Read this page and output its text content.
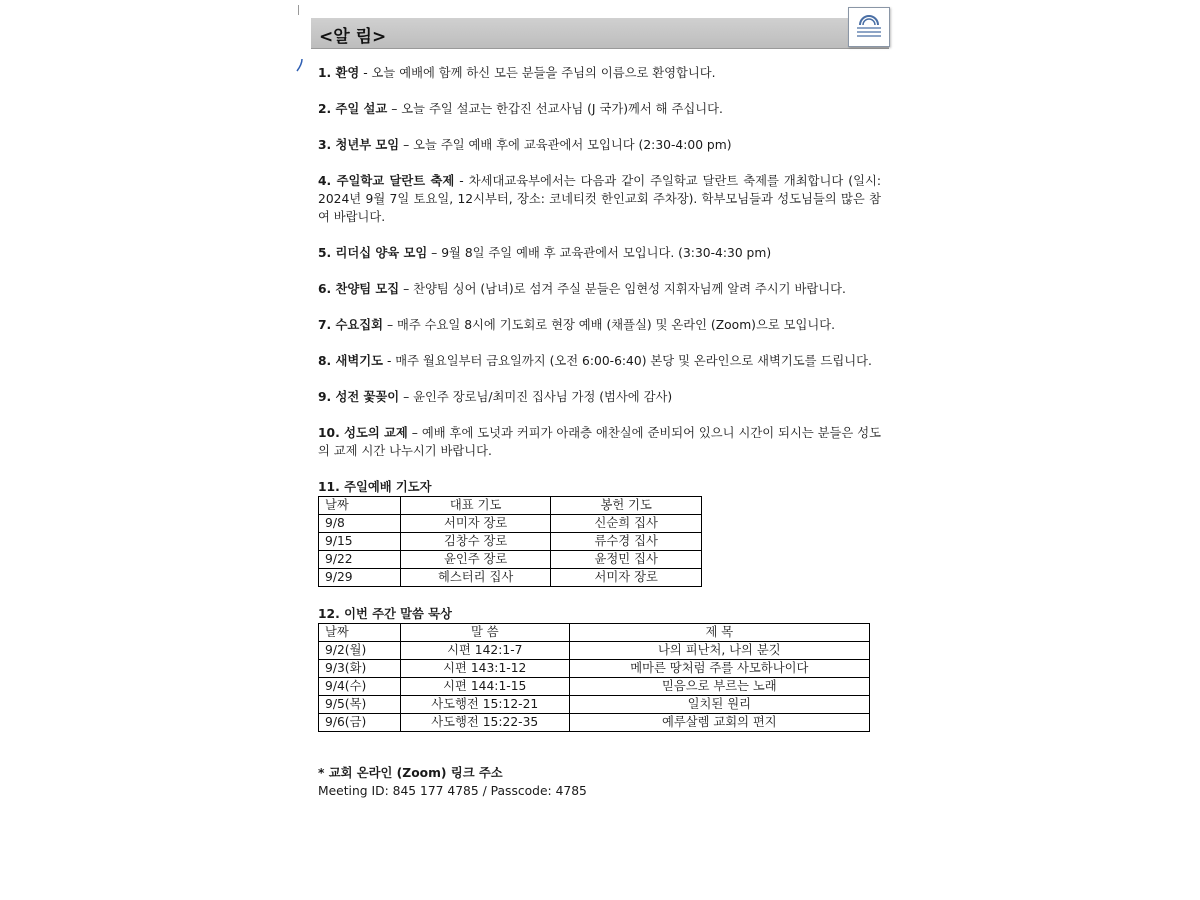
<알 림>
1. 환영 - 오늘 예배에 함께 하신 모든 분들을 주님의 이름으로 환영합니다.
2. 주일 설교 – 오늘 주일 설교는 한갑진 선교사님 (J 국가)께서 해 주십니다.
3. 청년부 모임 – 오늘 주일 예배 후에 교육관에서 모입니다 (2:30-4:00 pm)
4. 주일학교 달란트 축제 - 차세대교육부에서는 다음과 같이 주일학교 달란트 축제를 개최합니다 (일시: 2024년 9월 7일 토요일, 12시부터, 장소: 코네티컷 한인교회 주차장). 학부모님들과 성도님들의 많은 참여 바랍니다.
5. 리더십 양육 모임 – 9월 8일 주일 예배 후 교육관에서 모입니다. (3:30-4:30 pm)
6. 찬양팀 모집 – 찬양팀 싱어 (남녀)로 섬겨 주실 분들은 임현성 지휘자님께 알려 주시기 바랍니다.
7. 수요집회 – 매주 수요일 8시에 기도회로 현장 예배 (채플실) 및 온라인 (Zoom)으로 모입니다.
8. 새벽기도 - 매주 월요일부터 금요일까지 (오전 6:00-6:40) 본당 및 온라인으로 새벽기도를 드립니다.
9. 성전 꽃꽂이 – 윤인주 장로님/최미진 집사님 가정 (범사에 감사)
10. 성도의 교제 – 예배 후에 도넛과 커피가 아래층 애찬실에 준비되어 있으니 시간이 되시는 분들은 성도의 교제 시간 나누시기 바랍니다.
11. 주일예배 기도자
날짜	대표 기도	봉헌 기도
9/8	서미자 장로	신순희 집사
9/15	김창수 장로	류수경 집사
9/22	윤인주 장로	윤정민 집사
9/29	헤스터리 집사	서미자 장로
12. 이번 주간 말씀 묵상
날짜	말 씀	제 목
9/2(월)	시편 142:1-7	나의 피난처, 나의 분깃
9/3(화)	시편 143:1-12	메마른 땅처럼 주를 사모하나이다
9/4(수)	시편 144:1-15	믿음으로 부르는 노래
9/5(목)	사도행전 15:12-21	일치된 원리
9/6(금)	사도행전 15:22-35	예루살렘 교회의 편지
* 교회 온라인 (Zoom) 링크 주소
Meeting ID: 845 177 4785 / Passcode: 4785
